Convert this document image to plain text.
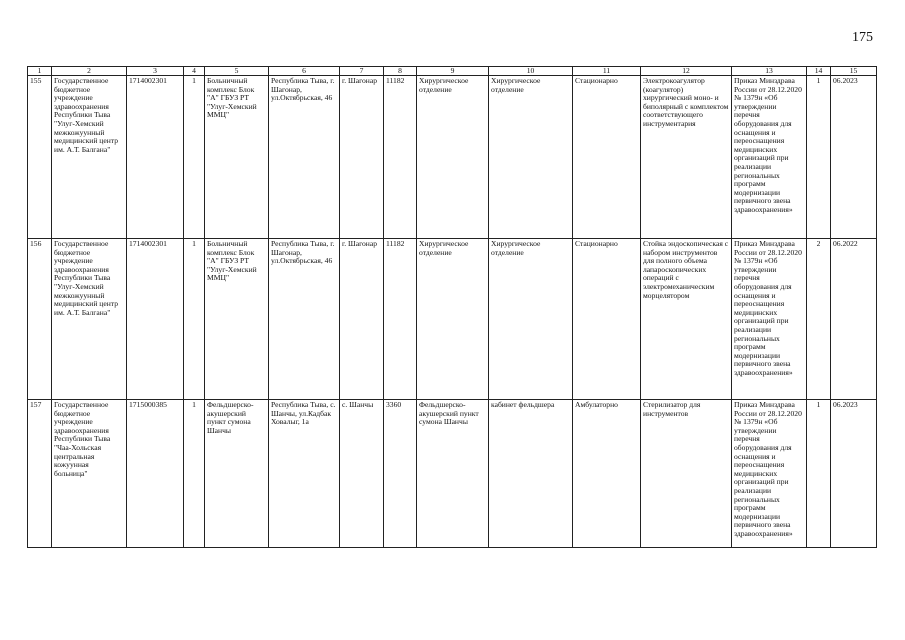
175
1	2	3	4	5	6	7	8	9	10	11	12	13	14	15
155	Государственное бюджетное учреждение здравоохранения Республики Тыва "Улуг-Хемский межкожуунный медицинский центр им. А.Т. Балгана"	1714002301	1	Больничный комплекс Блок "А" ГБУЗ РТ "Улуг-Хемский ММЦ"	Республика Тыва, г. Шагонар, ул.Октябрьская, 46	г. Шагонар	11182	Хирургическое отделение	Хирургическое отделение	Стационарно	Электрокоагулятор (коагулятор) хирургический моно- и биполярный с комплектом соответствующего инструментария	Приказ Минздрава России от 28.12.2020 № 1379н «Об утверждении перечня оборудования для оснащения и переоснащения медицинских организаций при реализации региональных программ модернизации первичного звена здравоохранения»	1	06.2023
156	Государственное бюджетное учреждение здравоохранения Республики Тыва "Улуг-Хемский межкожуунный медицинский центр им. А.Т. Балгана"	1714002301	1	Больничный комплекс Блок "А" ГБУЗ РТ "Улуг-Хемский ММЦ"	Республика Тыва, г. Шагонар, ул.Октябрьская, 46	г. Шагонар	11182	Хирургическое отделение	Хирургическое отделение	Стационарно	Стойка эндоскопическая с набором инструментов для полного объема лапароскопических операций с электромеханическим морцелятором	Приказ Минздрава России от 28.12.2020 № 1379н «Об утверждении перечня оборудования для оснащения и переоснащения медицинских организаций при реализации региональных программ модернизации первичного звена здравоохранения»	2	06.2022
157	Государственное бюджетное учреждение здравоохранения Республики Тыва "Чаа-Хольская центральная кожуунная больница"	1715000385	1	Фельдшерско-акушерский пункт сумона Шанчы	Республика Тыва, с. Шанчы, ул.Кадбак Ховалыг, 1а	с. Шанчы	3360	Фельдшерско-акушерский пункт сумона Шанчы	кабинет фельдшера	Амбулаторно	Стерилизатор для инструментов	Приказ Минздрава России от 28.12.2020 № 1379н «Об утверждении перечня оборудования для оснащения и переоснащения медицинских организаций при реализации региональных программ модернизации первичного звена здравоохранения»	1	06.2023
